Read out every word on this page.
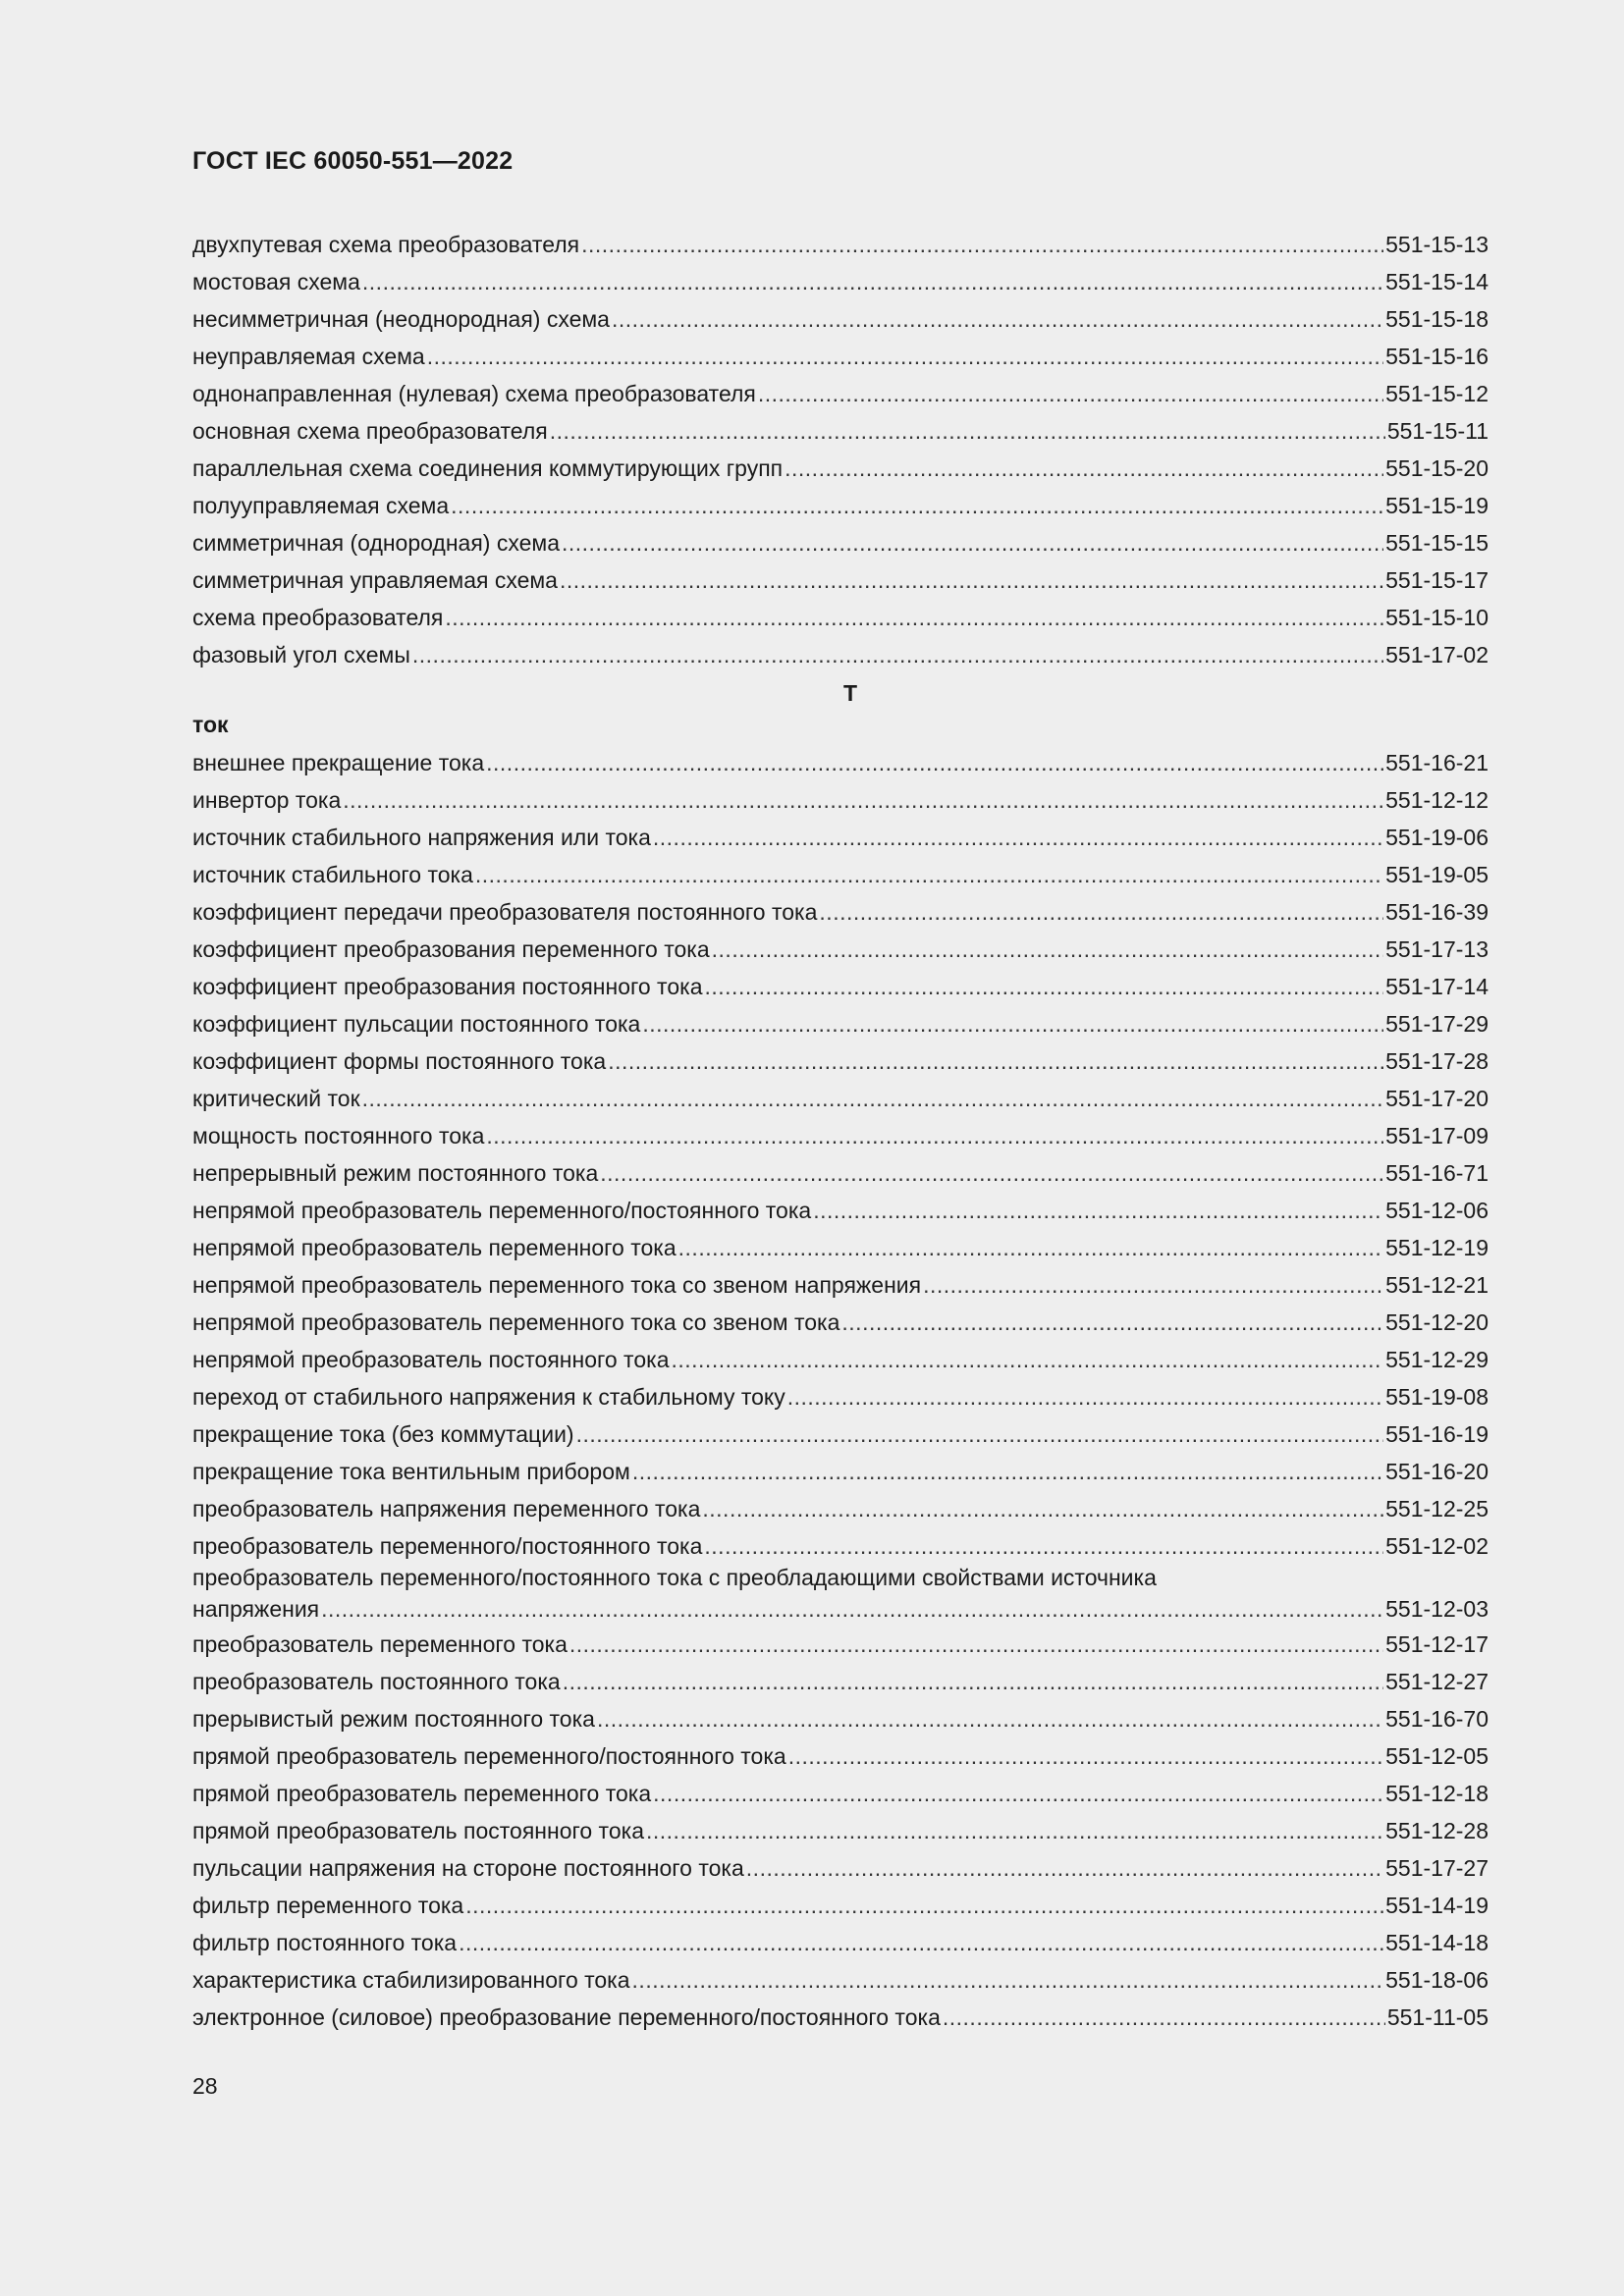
ГОСТ IEC 60050-551—2022
двухпутевая схема преобразователя .....	551-15-13
мостовая схема .....	551-15-14
несимметричная (неоднородная) схема .....	551-15-18
неуправляемая схема .....	551-15-16
однонаправленная (нулевая) схема преобразователя .....	551-15-12
основная схема преобразователя .....	551-15-11
параллельная схема соединения коммутирующих групп .....	551-15-20
полууправляемая схема .....	551-15-19
симметричная (однородная) схема .....	551-15-15
симметричная управляемая схема .....	551-15-17
схема преобразователя .....	551-15-10
фазовый угол схемы .....	551-17-02
Т
ток
внешнее прекращение тока .....	551-16-21
инвертор тока .....	551-12-12
источник стабильного напряжения или тока .....	551-19-06
источник стабильного тока .....	551-19-05
коэффициент передачи преобразователя постоянного тока .....	551-16-39
коэффициент преобразования переменного тока .....	551-17-13
коэффициент преобразования постоянного тока .....	551-17-14
коэффициент пульсации постоянного тока .....	551-17-29
коэффициент формы постоянного тока .....	551-17-28
критический ток .....	551-17-20
мощность постоянного тока .....	551-17-09
непрерывный режим постоянного тока .....	551-16-71
непрямой преобразователь переменного/постоянного тока .....	551-12-06
непрямой преобразователь переменного тока .....	551-12-19
непрямой преобразователь переменного тока со звеном напряжения .....	551-12-21
непрямой преобразователь переменного тока со звеном тока .....	551-12-20
непрямой преобразователь постоянного тока .....	551-12-29
переход от стабильного напряжения к стабильному току .....	551-19-08
прекращение тока (без коммутации) .....	551-16-19
прекращение тока вентильным прибором .....	551-16-20
преобразователь напряжения переменного тока .....	551-12-25
преобразователь переменного/постоянного тока .....	551-12-02
преобразователь переменного/постоянного тока с преобладающими свойствами источника
напряжения .....	551-12-03
преобразователь переменного тока .....	551-12-17
преобразователь постоянного тока .....	551-12-27
прерывистый режим постоянного тока .....	551-16-70
прямой преобразователь переменного/постоянного тока .....	551-12-05
прямой преобразователь переменного тока .....	551-12-18
прямой преобразователь постоянного тока .....	551-12-28
пульсации напряжения на стороне постоянного тока .....	551-17-27
фильтр переменного тока .....	551-14-19
фильтр постоянного тока .....	551-14-18
характеристика стабилизированного тока .....	551-18-06
электронное (силовое) преобразование переменного/постоянного тока .....	551-11-05
28
